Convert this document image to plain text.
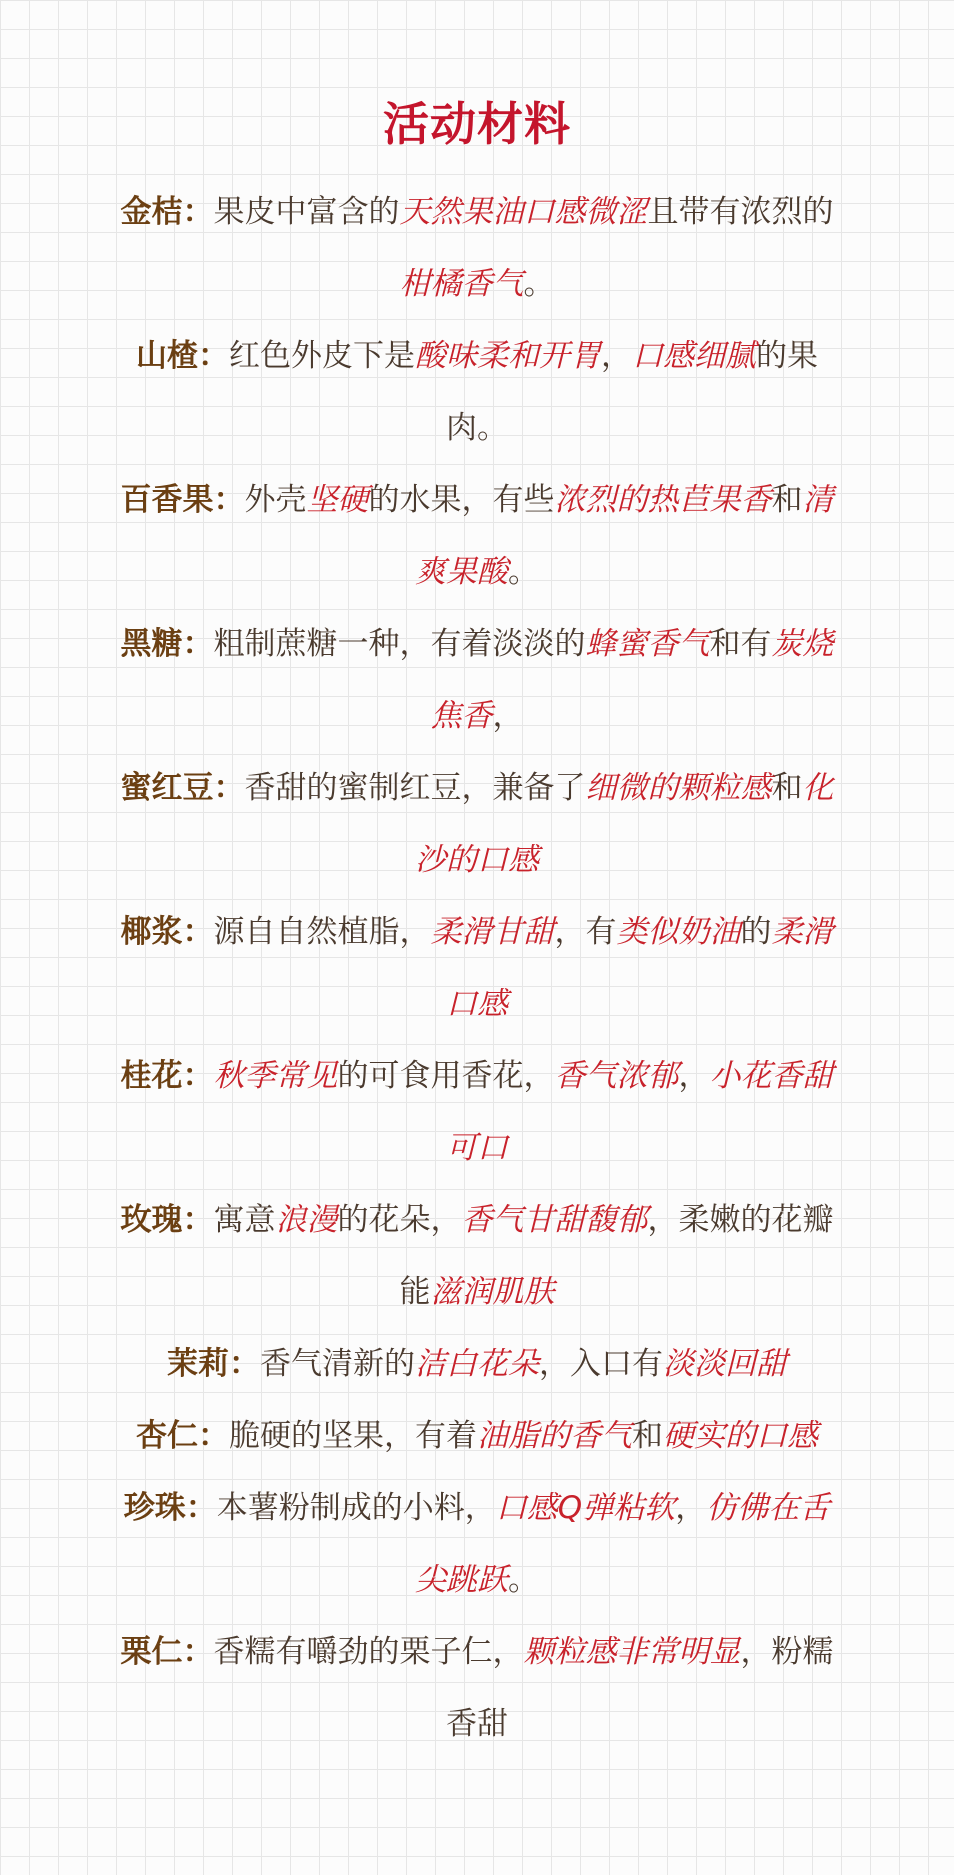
活动材料
金桔：果皮中富含的天然果油口感微涩且带有浓烈的柑橘香气。
山楂：红色外皮下是酸味柔和开胃，口感细腻的果肉。
百香果：外壳坚硬的水果，有些浓烈的热苣果香和清爽果酸。
黑糖：粗制蔗糖一种，有着淡淡的蜂蜜香气和有炭烧焦香，
蜜红豆：香甜的蜜制红豆，兼备了细微的颗粒感和化沙的口感
椰浆：源自自然植脂，柔滑甘甜，有类似奶油的柔滑口感
桂花：秋季常见的可食用香花，香气浓郁，小花香甜可口
玫瑰：寓意浪漫的花朵，香气甘甜馥郁，柔嫩的花瓣能滋润肌肤
茉莉：香气清新的洁白花朵，入口有淡淡回甜
杏仁：脆硬的坚果，有着油脂的香气和硬实的口感
珍珠：本薯粉制成的小料，口感Q弹粘软，仿佛在舌尖跳跃。
栗仁：香糯有嚼劲的栗子仁，颗粒感非常明显，粉糯香甜
